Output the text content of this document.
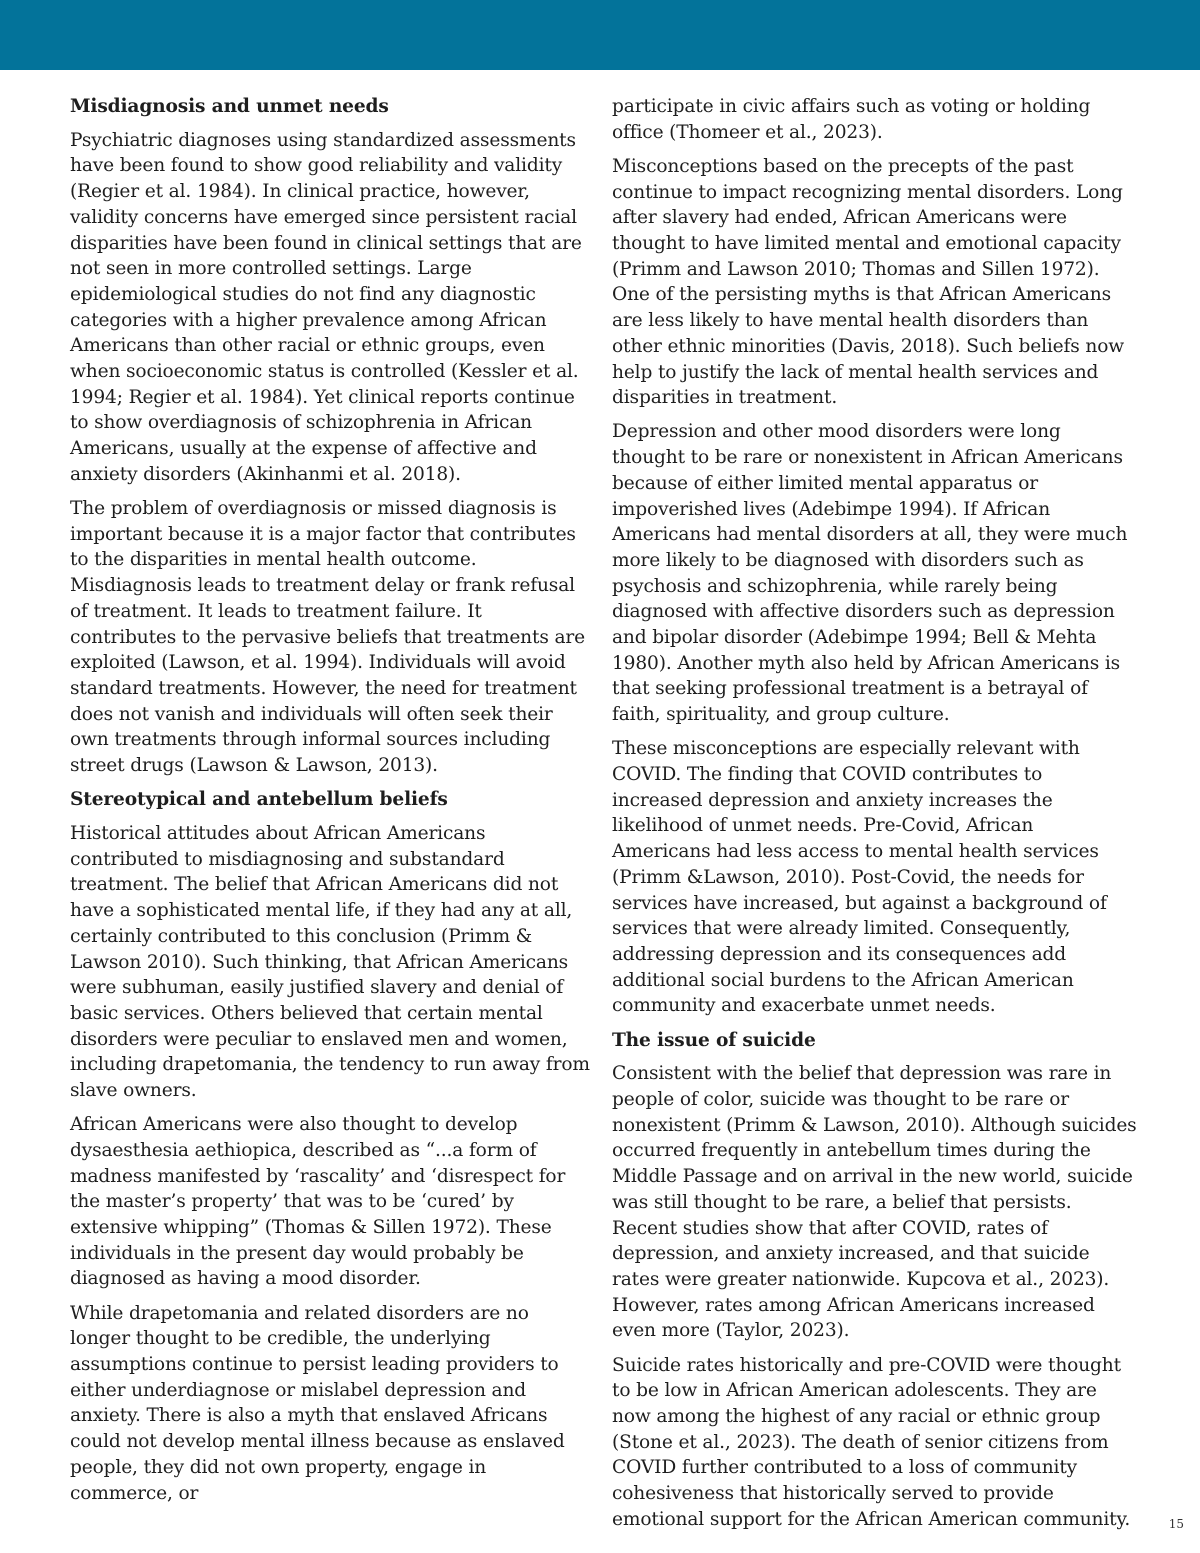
Misdiagnosis and unmet needs

Psychiatric diagnoses using standardized assessments have been found to show good reliability and validity (Regier et al. 1984). In clinical practice, however, validity concerns have emerged since persistent racial disparities have been found in clinical settings that are not seen in more controlled settings. Large epidemiological studies do not find any diagnostic categories with a higher prevalence among African Americans than other racial or ethnic groups, even when socioeconomic status is controlled (Kessler et al. 1994; Regier et al. 1984). Yet clinical reports continue to show overdiagnosis of schizophrenia in African Americans, usually at the expense of affective and anxiety disorders (Akinhanmi et al. 2018).

The problem of overdiagnosis or missed diagnosis is important because it is a major factor that contributes to the disparities in mental health outcome. Misdiagnosis leads to treatment delay or frank refusal of treatment. It leads to treatment failure. It contributes to the pervasive beliefs that treatments are exploited (Lawson, et al. 1994). Individuals will avoid standard treatments. However, the need for treatment does not vanish and individuals will often seek their own treatments through informal sources including street drugs (Lawson & Lawson, 2013).

Stereotypical and antebellum beliefs

Historical attitudes about African Americans contributed to misdiagnosing and substandard treatment. The belief that African Americans did not have a sophisticated mental life, if they had any at all, certainly contributed to this conclusion (Primm & Lawson 2010). Such thinking, that African Americans were subhuman, easily justified slavery and denial of basic services. Others believed that certain mental disorders were peculiar to enslaved men and women, including drapetomania, the tendency to run away from slave owners.

African Americans were also thought to develop dysaesthesia aethiopica, described as “...a form of madness manifested by ‘rascality’ and ‘disrespect for the master’s property’ that was to be ‘cured’ by extensive whipping” (Thomas & Sillen 1972). These individuals in the present day would probably be diagnosed as having a mood disorder.

While drapetomania and related disorders are no longer thought to be credible, the underlying assumptions continue to persist leading providers to either underdiagnose or mislabel depression and anxiety. There is also a myth that enslaved Africans could not develop mental illness because as enslaved people, they did not own property, engage in commerce, or

participate in civic affairs such as voting or holding office (Thomeer et al., 2023).

Misconceptions based on the precepts of the past continue to impact recognizing mental disorders. Long after slavery had ended, African Americans were thought to have limited mental and emotional capacity (Primm and Lawson 2010; Thomas and Sillen 1972). One of the persisting myths is that African Americans are less likely to have mental health disorders than other ethnic minorities (Davis, 2018). Such beliefs now help to justify the lack of mental health services and disparities in treatment.

Depression and other mood disorders were long thought to be rare or nonexistent in African Americans because of either limited mental apparatus or impoverished lives (Adebimpe 1994). If African Americans had mental disorders at all, they were much more likely to be diagnosed with disorders such as psychosis and schizophrenia, while rarely being diagnosed with affective disorders such as depression and bipolar disorder (Adebimpe 1994; Bell & Mehta 1980). Another myth also held by African Americans is that seeking professional treatment is a betrayal of faith, spirituality, and group culture.

These misconceptions are especially relevant with COVID. The finding that COVID contributes to increased depression and anxiety increases the likelihood of unmet needs. Pre-Covid, African Americans had less access to mental health services (Primm &Lawson, 2010). Post-Covid, the needs for services have increased, but against a background of services that were already limited. Consequently, addressing depression and its consequences add additional social burdens to the African American community and exacerbate unmet needs.

The issue of suicide

Consistent with the belief that depression was rare in people of color, suicide was thought to be rare or nonexistent (Primm & Lawson, 2010). Although suicides occurred frequently in antebellum times during the Middle Passage and on arrival in the new world, suicide was still thought to be rare, a belief that persists. Recent studies show that after COVID, rates of depression, and anxiety increased, and that suicide rates were greater nationwide. Kupcova et al., 2023). However, rates among African Americans increased even more (Taylor, 2023).

Suicide rates historically and pre-COVID were thought to be low in African American adolescents. They are now among the highest of any racial or ethnic group (Stone et al., 2023). The death of senior citizens from COVID further contributed to a loss of community cohesiveness that historically served to provide emotional support for the African American community.	15
